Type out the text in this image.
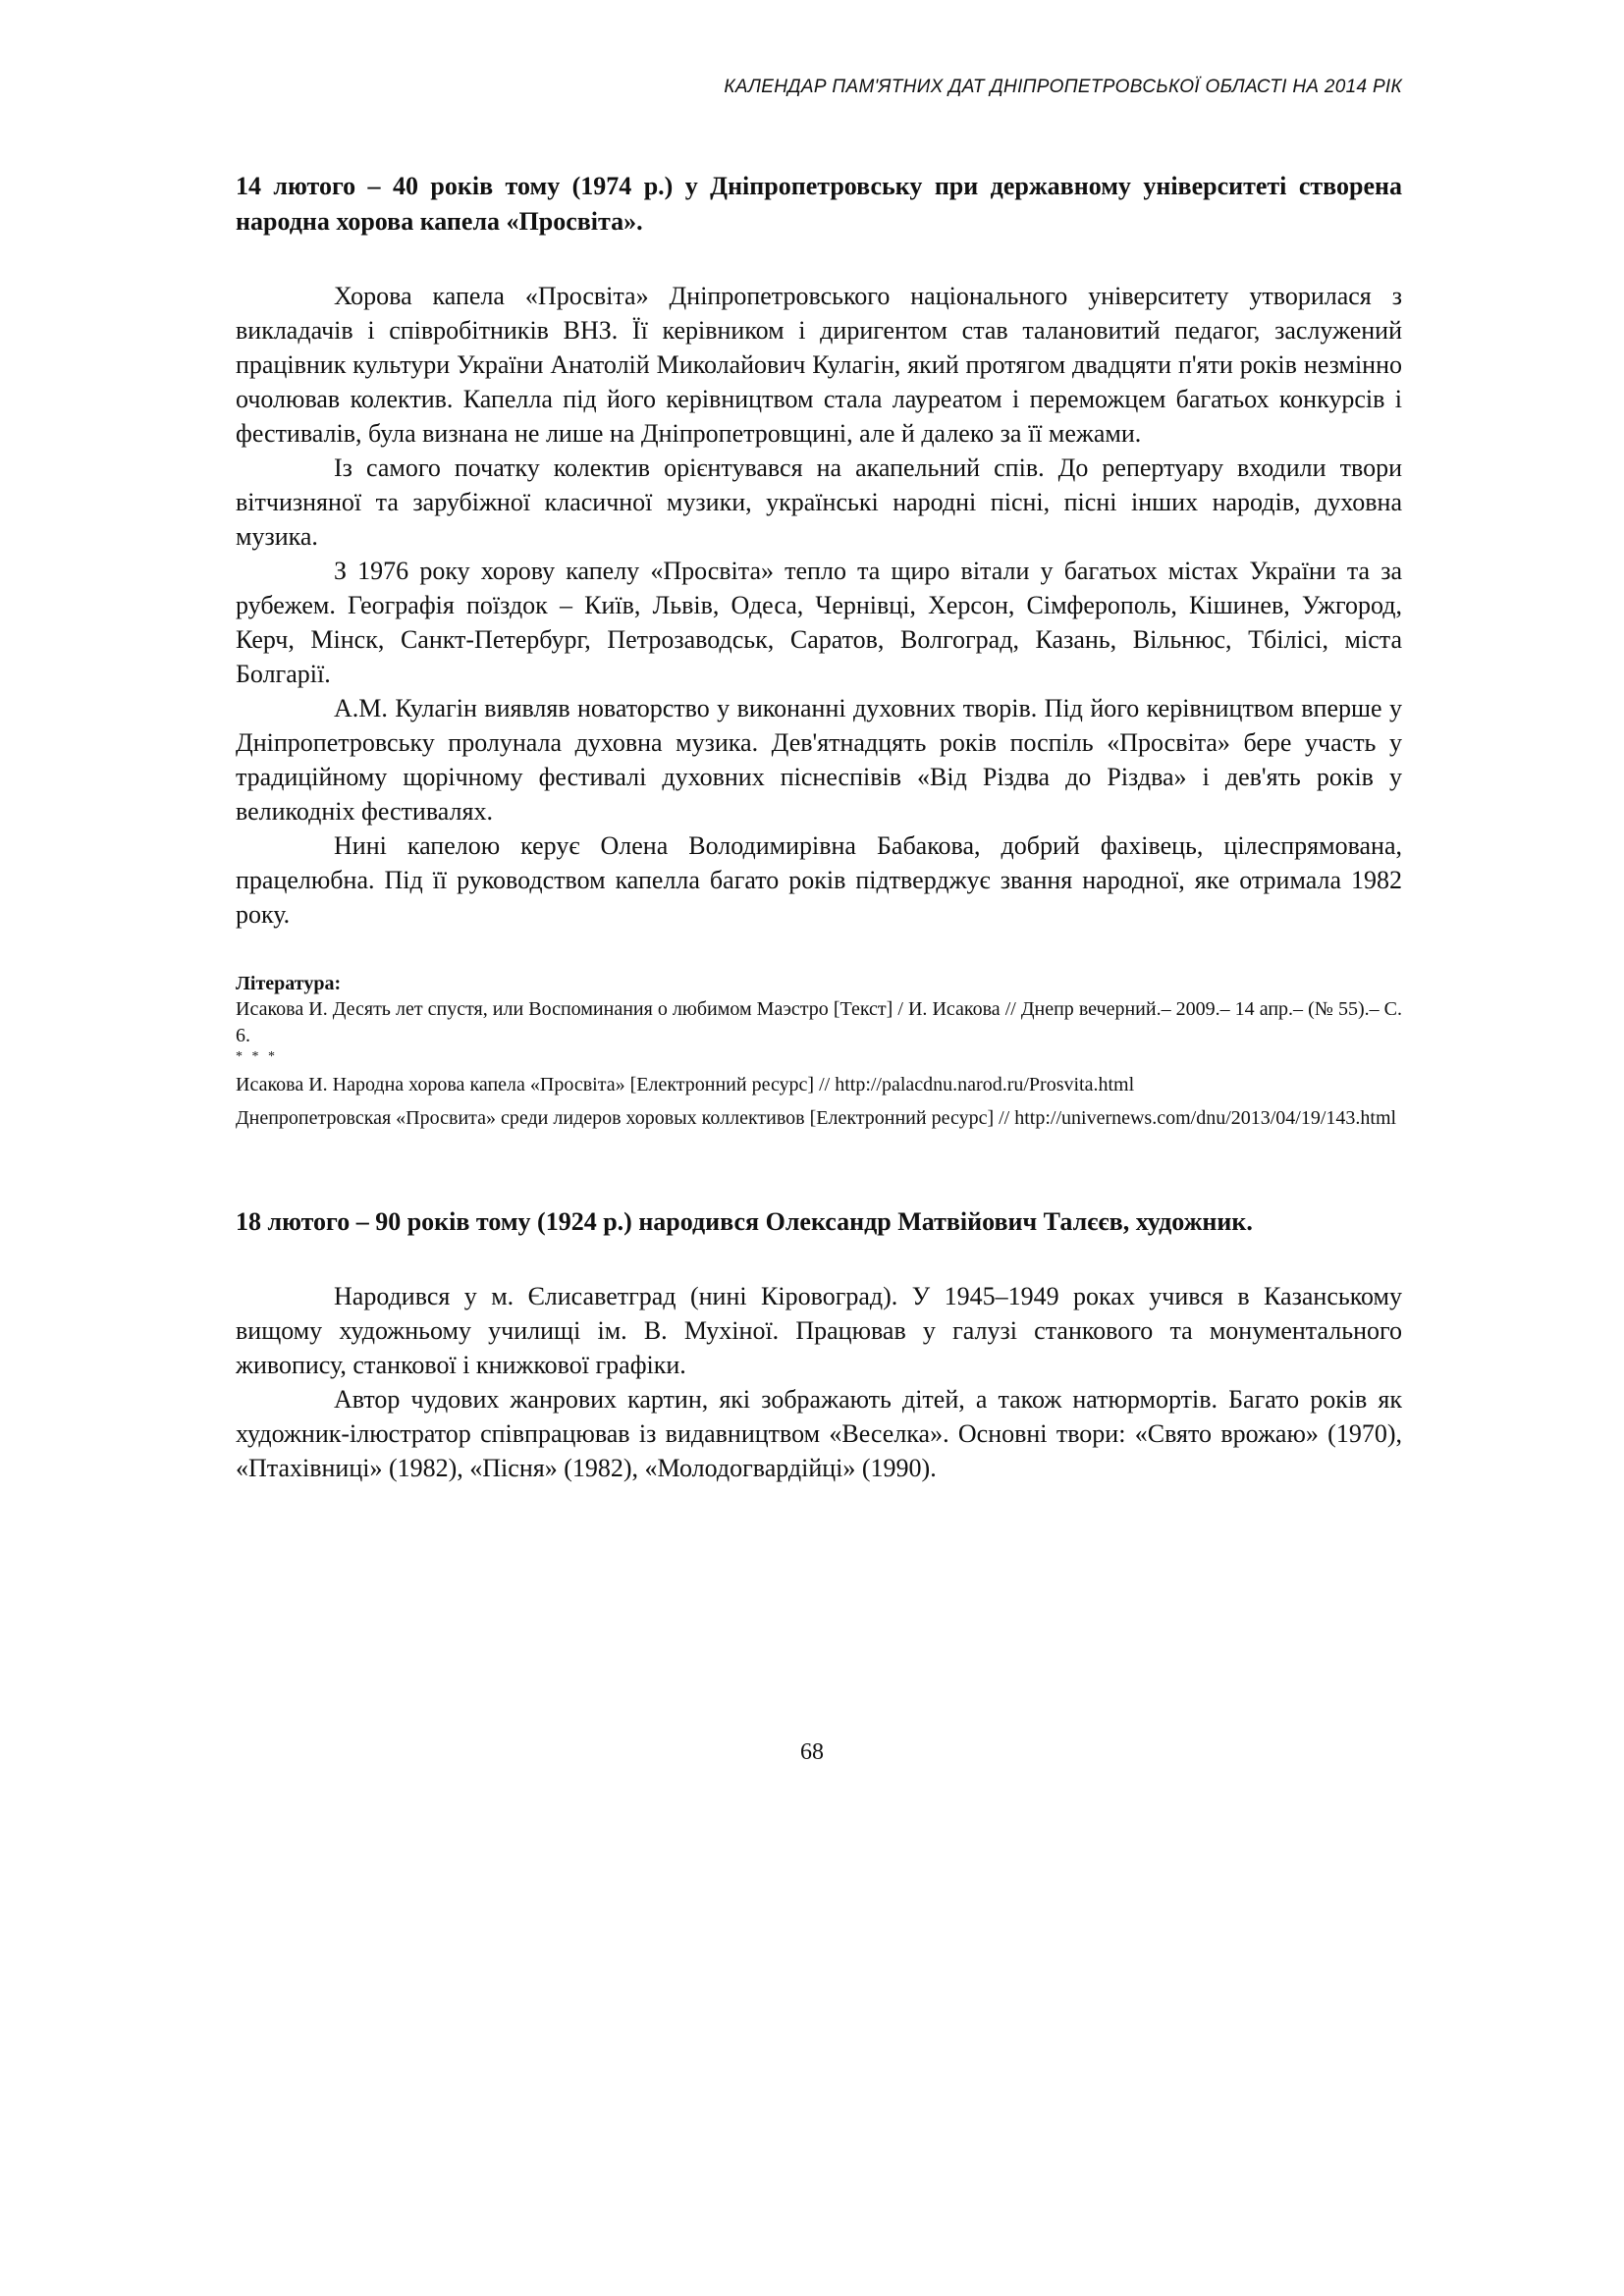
КАЛЕНДАР ПАМ'ЯТНИХ ДАТ ДНІПРОПЕТРОВСЬКОЇ ОБЛАСТІ НА 2014 РІК
14 лютого – 40 років тому (1974 р.) у Дніпропетровську при державному університеті створена народна хорова капела «Просвіта».

Хорова капела «Просвіта» Дніпропетровського національного університету утворилася з викладачів і співробітників ВНЗ. Її керівником і диригентом став талановитий педагог, заслужений працівник культури України Анатолій Миколайович Кулагін, який протягом двадцяти п'яти років незмінно очолював колектив. Капелла під його керівництвом стала лауреатом і переможцем багатьох конкурсів і фестивалів, була визнана не лише на Дніпропетровщині, але й далеко за її межами.

Із самого початку колектив орієнтувався на акапельний спів. До репертуару входили твори вітчизняної та зарубіжної класичної музики, українські народні пісні, пісні інших народів, духовна музика.

З 1976 року хорову капелу «Просвіта» тепло та щиро вітали у багатьох містах України та за рубежем. Географія поїздок – Київ, Львів, Одеса, Чернівці, Херсон, Сімферополь, Кішинев, Ужгород, Керч, Мінск, Санкт-Петербург, Петрозаводськ, Саратов, Волгоград, Казань, Вільнюс, Тбілісі, міста Болгарії.

А.М. Кулагін виявляв новаторство у виконанні духовних творів. Під його керівництвом вперше у Дніпропетровську пролунала духовна музика. Дев'ятнадцять років поспіль «Просвіта» бере участь у традиційному щорічному фестивалі духовних піснеспівів «Від Різдва до Різдва» і дев'ять років у великодніх фестивалях.

Нині капелою керує Олена Володимирівна Бабакова, добрий фахівець, цілеспрямована, працелюбна. Під її руководством капелла багато років підтверджує звання народної, яке отримала 1982 року.

Література:

Исакова И. Десять лет спустя, или Воспоминания о любимом Маэстро [Текст] / И. Исакова // Днепр вечерний.– 2009.– 14 апр.– (№ 55).– С. 6.

* * *

Исакова И. Народна хорова капела «Просвіта» [Електронний ресурс] // http://palacdnu.narod.ru/Prosvita.html

Днепропетровская «Просвита» среди лидеров хоровых коллективов [Електронний ресурс] // http://univernews.com/dnu/2013/04/19/143.html

18 лютого – 90 років тому (1924 р.) народився Олександр Матвійович Талєєв, художник.

Народився у м. Єлисаветград (нині Кіровоград). У 1945–1949 роках учився в Казанському вищому художньому училищі ім. В. Мухіної. Працював у галузі станкового та монументального живопису, станкової і книжкової графіки.

Автор чудових жанрових картин, які зображають дітей, а також натюрмортів. Багато років як художник-ілюстратор співпрацював із видавництвом «Веселка». Основні твори: «Свято врожаю» (1970), «Птахівниці» (1982), «Пісня» (1982), «Молодогвардійці» (1990).

68
